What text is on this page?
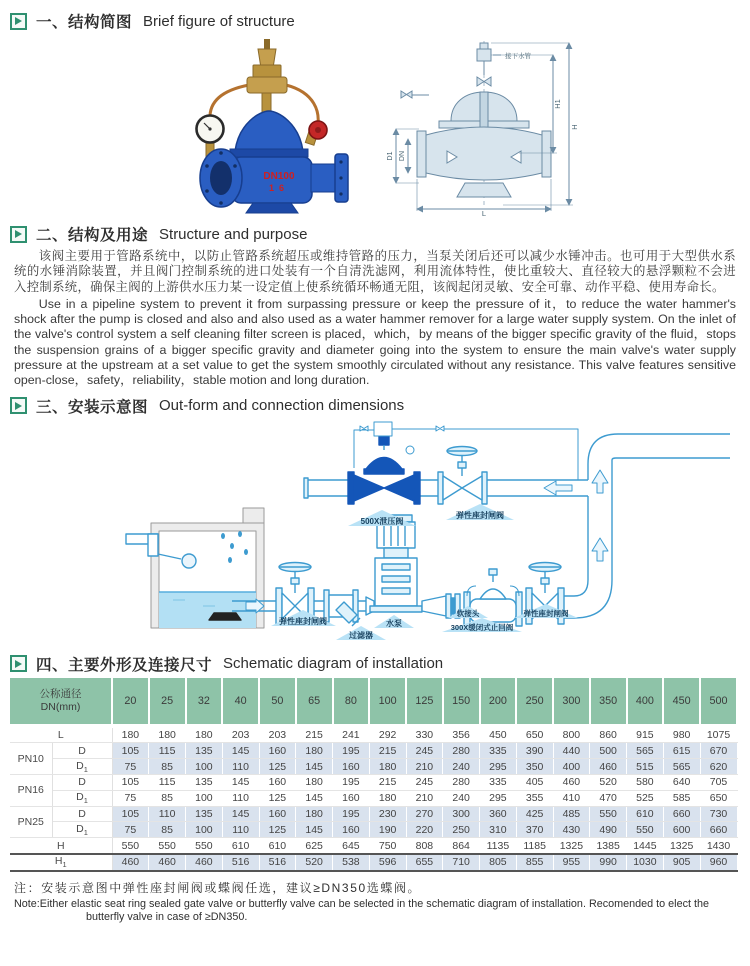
一、结构简图 Brief figure of structure
DN100
16
接下水管
H1
H
D1 DN
L
二、结构及用途 Structure and purpose

该阀主要用于管路系统中，以防止管路系统超压或维持管路的压力，当泵关闭后还可以减少水锤冲击。也可用于大型供水系统的水锤消除装置，并且阀门控制系统的进口处装有一个自清洗滤网，利用流体特性，使比重较大、直径较大的悬浮颗粒不会进入控制系统，确保主阀的上游供水压力某一设定值上使系统循环畅通无阻，该阀起闭灵敏、安全可靠、动作平稳、使用寿命长。

Use in a pipeline system to prevent it from surpassing pressure or keep the pressure of it，to reduce the water hammer's shock after the pump is closed and also and also used as a water hammer remover for a large water supply system. On the inlet of the valve's control system a self cleaning filter screen is placed，which，by means of the bigger specific gravity of the fluid，stops the suspension grains of a bigger specific gravity and diameter going into the system to ensure the main valve's water supply pressure at the upstream at a set value to get the system smoothly circulated without any resistance. This valve features sensitive open-close，safety，reliability，stable motion and long duration.

三、安装示意图 Out-form and connection dimensions
弹性座封闸阀
过滤器
500X泄压阀
弹性座封闸阀
水泵
软接头
300X缓闭式止回阀
弹性座封闸阀
四、主要外形及连接尺寸 Schematic diagram of installation
公称通径
DN(mm)		20	25	32	40	50	65	80	100	125	150	200	250	300	350	400	450	500
L		180	180	180	203	203	215	241	292	330	356	450	650	800	860	915	980	1075
PN10	D	105	115	135	145	160	180	195	215	245	280	335	390	440	500	565	615	670
	$D_1$	75	85	100	110	125	145	160	180	210	240	295	350	400	460	515	565	620
PN16	D	105	115	135	145	160	180	195	215	245	280	335	405	460	520	580	640	705
	$D_1$	75	85	100	110	125	145	160	180	210	240	295	355	410	470	525	585	650
PN25	D	105	110	135	145	160	180	195	230	270	300	360	425	485	550	610	660	730
	$D_1$	75	85	100	110	125	145	160	190	220	250	310	370	430	490	550	600	660
H		550	550	550	610	610	625	645	750	808	864	1135	1185	1325	1385	1445	1325	1430
$H_1$		460	460	460	516	516	520	538	596	655	710	805	855	955	990	1030	905	960
注：安装示意图中弹性座封闸阀或蝶阀任选，建议≥DN350选蝶阀。
Note:Either elastic seat ring sealed gate valve or butterfly valve can be selected in the schematic diagram of installation. Recomended to elect the butterfly valve in case of ≥DN350.
